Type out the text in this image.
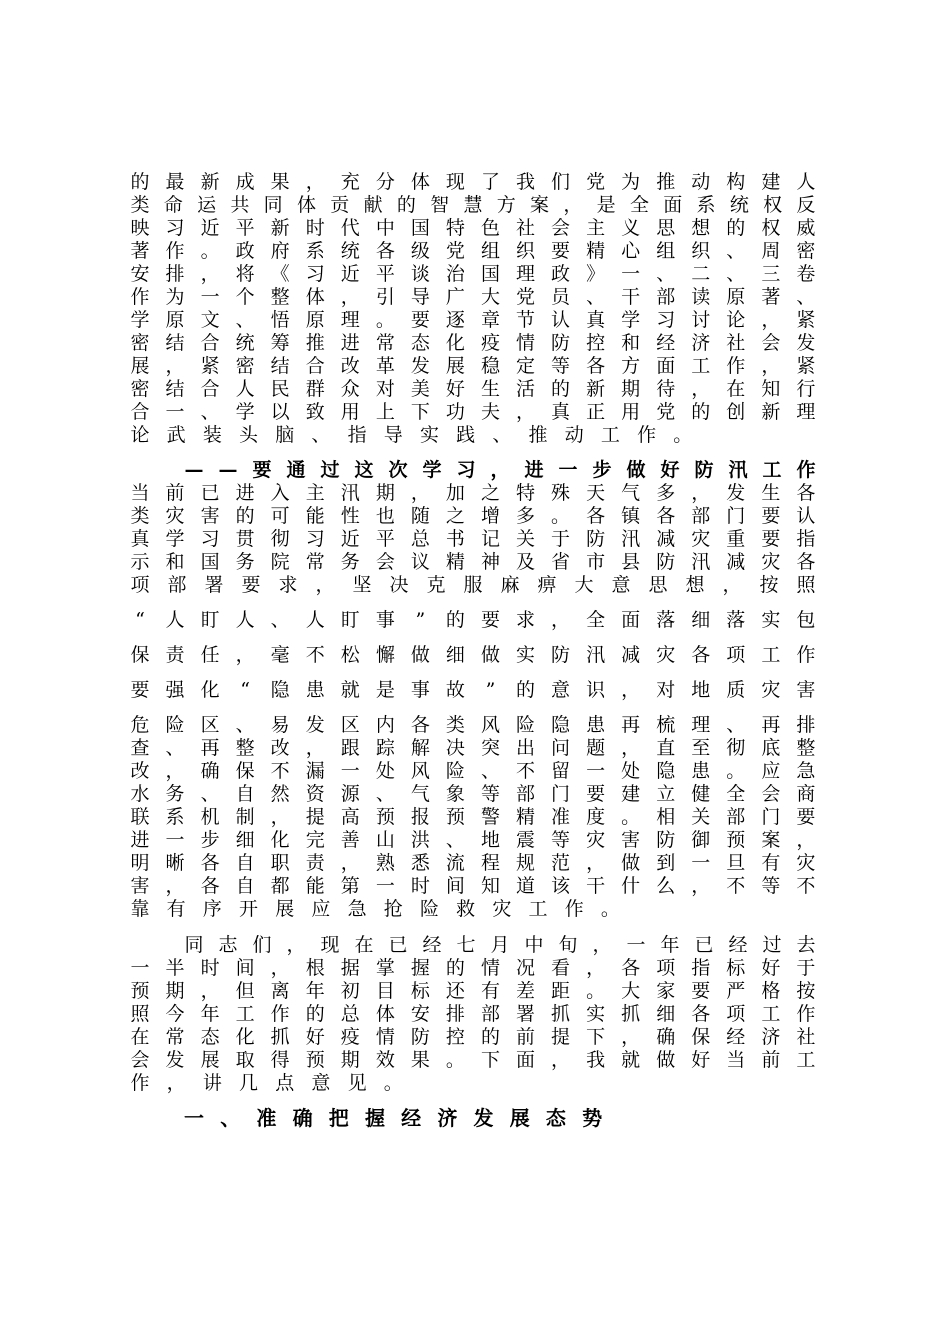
的 最 新 成 果 ， 充 分 体 现 了 我 们 党 为 推 动 构 建 人
类 命 运 共 同 体 贡 献 的 智 慧 方 案 ， 是 全 面 系 统 权 反
映 习 近 平 新 时 代 中 国 特 色 社 会 主 义 思 想 的 权 威
著 作 。 政 府 系 统 各 级 党 组 织 要 精 心 组 织 、 周 密
安 排 ， 将 《 习 近 平 谈 治 国 理 政 》 一 、 二 、 三 卷
作 为 一 个 整 体 ， 引 导 广 大 党 员 、 干 部 读 原 著 、
学 原 文 、 悟 原 理 。 要 逐 章 节 认 真 学 习 讨 论 ， 紧
密 结 合 统 筹 推 进 常 态 化 疫 情 防 控 和 经 济 社 会 发
展 ， 紧 密 结 合 改 革 发 展 稳 定 等 各 方 面 工 作 ， 紧
密 结 合 人 民 群 众 对 美 好 生 活 的 新 期 待 ， 在 知 行
合 一 、 学 以 致 用 上 下 功 夫 ， 真 正 用 党 的 创 新 理
论 武 装 头 脑 、 指 导 实 践 、 推 动 工 作 。
— — 要 通 过 这 次 学 习 ， 进 一 步 做 好 防 汛 工 作
当 前 已 进 入 主 汛 期 ， 加 之 特 殊 天 气 多 ， 发 生 各
类 灾 害 的 可 能 性 也 随 之 增 多 。 各 镇 各 部 门 要 认
真 学 习 贯 彻 习 近 平 总 书 记 关 于 防 汛 减 灾 重 要 指
示 和 国 务 院 常 务 会 议 精 神 及 省 市 县 防 汛 减 灾 各
项 部 署 要 求 ， 坚 决 克 服 麻 痹 大 意 思 想 ， 按 照
“ 人 盯 人 、 人 盯 事 ” 的 要 求 ， 全 面 落 细 落 实 包
保 责 任 ， 毫 不 松 懈 做 细 做 实 防 汛 减 灾 各 项 工 作
要 强 化 “ 隐 患 就 是 事 故 ” 的 意 识 ， 对 地 质 灾 害
危 险 区 、 易 发 区 内 各 类 风 险 隐 患 再 梳 理 、 再 排
查 、 再 整 改 ， 跟 踪 解 决 突 出 问 题 ， 直 至 彻 底 整
改 ， 确 保 不 漏 一 处 风 险 、 不 留 一 处 隐 患 。 应 急
水 务 、 自 然 资 源 、 气 象 等 部 门 要 建 立 健 全 会 商
联 系 机 制 ， 提 高 预 报 预 警 精 准 度 。 相 关 部 门 要
进 一 步 细 化 完 善 山 洪 、 地 震 等 灾 害 防 御 预 案 ，
明 晰 各 自 职 责 ， 熟 悉 流 程 规 范 ， 做 到 一 旦 有 灾
害 ， 各 自 都 能 第 一 时 间 知 道 该 干 什 么 ， 不 等 不
靠 有 序 开 展 应 急 抢 险 救 灾 工 作 。
同 志 们 ， 现 在 已 经 七 月 中 旬 ， 一 年 已 经 过 去
一 半 时 间 ， 根 据 掌 握 的 情 况 看 ， 各 项 指 标 好 于
预 期 ， 但 离 年 初 目 标 还 有 差 距 。 大 家 要 严 格 按
照 今 年 工 作 的 总 体 安 排 部 署 抓 实 抓 细 各 项 工 作
在 常 态 化 抓 好 疫 情 防 控 的 前 提 下 ， 确 保 经 济 社
会 发 展 取 得 预 期 效 果 。 下 面 ， 我 就 做 好 当 前 工
作 ， 讲 几 点 意 见 。
一 、 准 确 把 握 经 济 发 展 态 势
